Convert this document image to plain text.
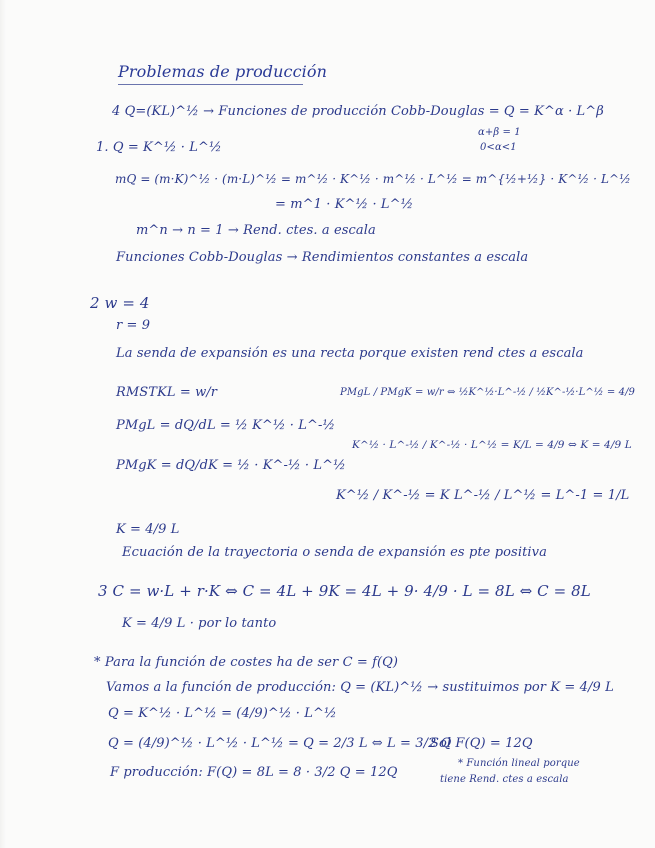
Problemas de producción
4 Q=(KL)^½ → Funciones de producción Cobb-Douglas = Q = K^α · L^β
1. Q = K^½ · L^½
α+β = 1
0<α<1
mQ = (m·K)^½ · (m·L)^½ = m^½ · K^½ · m^½ · L^½ = m^{½+½} · K^½ · L^½
= m^1 · K^½ · L^½
m^n → n = 1 → Rend. ctes. a escala
Funciones Cobb-Douglas → Rendimientos constantes a escala
2 w = 4
r = 9
La senda de expansión es una recta porque existen rend ctes a escala
RMSTKL = w/r	PMgL / PMgK = w/r ⇔ ½K^½·L^-½ / ½K^-½·L^½ = 4/9
PMgL = dQ/dL = ½ K^½ · L^-½
K^½ · L^-½ / K^-½ · L^½ = K/L = 4/9 ⇔ K = 4/9 L
PMgK = dQ/dK = ½ · K^-½ · L^½
K^½ / K^-½ = K L^-½ / L^½ = L^-1 = 1/L
K = 4/9 L
Ecuación de la trayectoria o senda de expansión es pte positiva
3 C = w·L + r·K ⇔ C = 4L + 9K = 4L + 9· 4/9 · L = 8L ⇔ C = 8L
K = 4/9 L · por lo tanto
* Para la función de costes ha de ser C = f(Q)
Vamos a la función de producción: Q = (KL)^½ → sustituimos por K = 4/9 L
Q = K^½ · L^½ = (4/9)^½ · L^½
Q = (4/9)^½ · L^½ · L^½ = Q = 2/3 L ⇔ L = 3/2 Q
Sol F(Q) = 12Q
* Función lineal porque
tiene Rend. ctes a escala
F producción: F(Q) = 8L = 8 · 3/2 Q = 12Q
